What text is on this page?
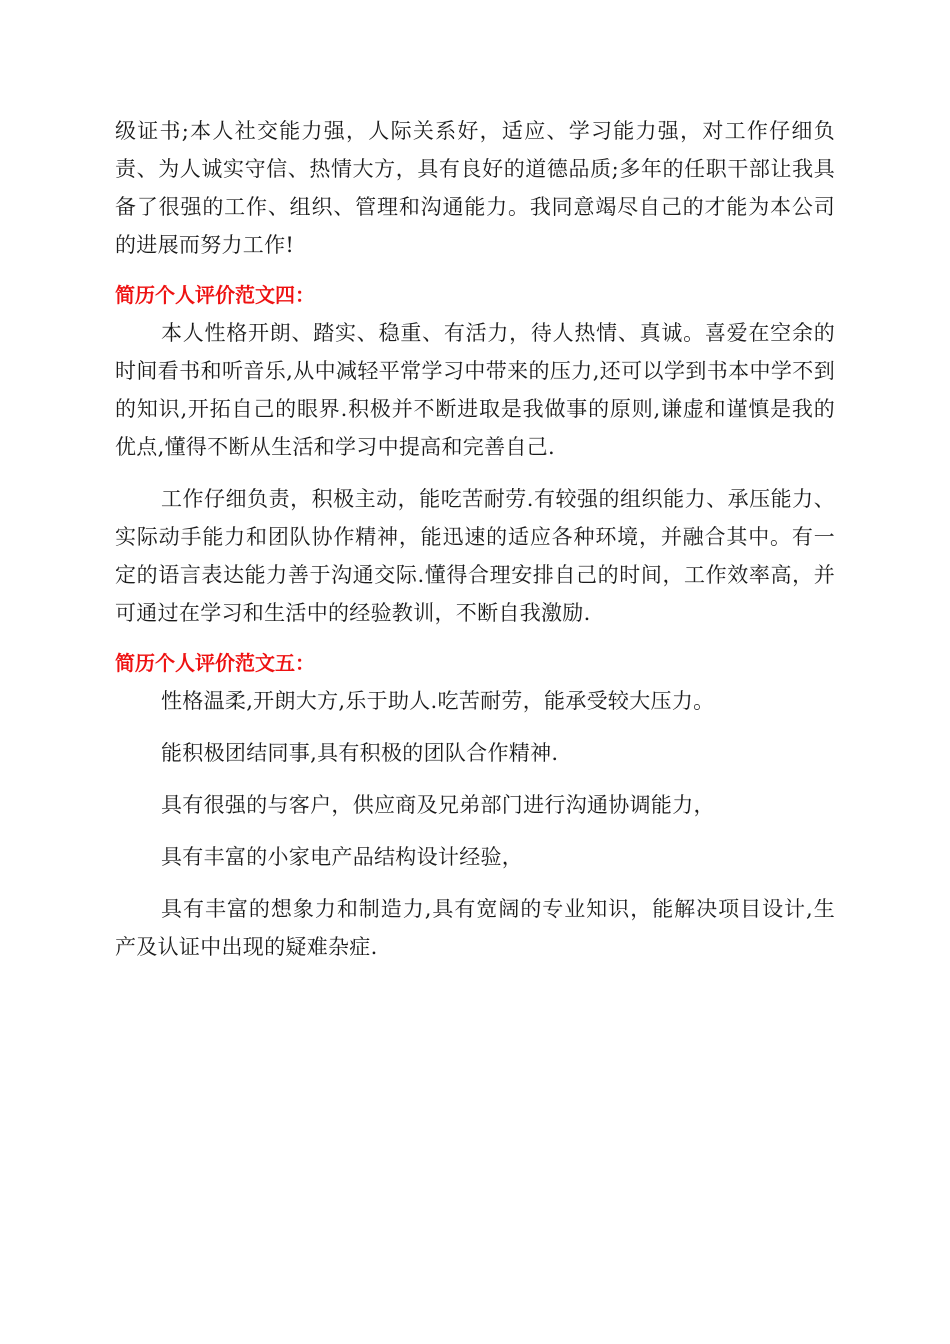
级证书;本人社交能力强，人际关系好，适应、学习能力强，对工作仔细负责、为人诚实守信、热情大方，具有良好的道德品质;多年的任职干部让我具备了很强的工作、组织、管理和沟通能力。我同意竭尽自己的才能为本公司的进展而努力工作!

简历个人评价范文四：

本人性格开朗、踏实、稳重、有活力，待人热情、真诚。喜爱在空余的时间看书和听音乐,从中减轻平常学习中带来的压力,还可以学到书本中学不到的知识,开拓自己的眼界.积极并不断进取是我做事的原则,谦虚和谨慎是我的优点,懂得不断从生活和学习中提高和完善自己.

工作仔细负责，积极主动，能吃苦耐劳.有较强的组织能力、承压能力、实际动手能力和团队协作精神，能迅速的适应各种环境，并融合其中。有一定的语言表达能力善于沟通交际.懂得合理安排自己的时间，工作效率高，并可通过在学习和生活中的经验教训，不断自我激励.

简历个人评价范文五：

性格温柔,开朗大方,乐于助人.吃苦耐劳，能承受较大压力。

能积极团结同事,具有积极的团队合作精神.

具有很强的与客户，供应商及兄弟部门进行沟通协调能力，

具有丰富的小家电产品结构设计经验，

具有丰富的想象力和制造力,具有宽阔的专业知识，能解决项目设计,生产及认证中出现的疑难杂症.
